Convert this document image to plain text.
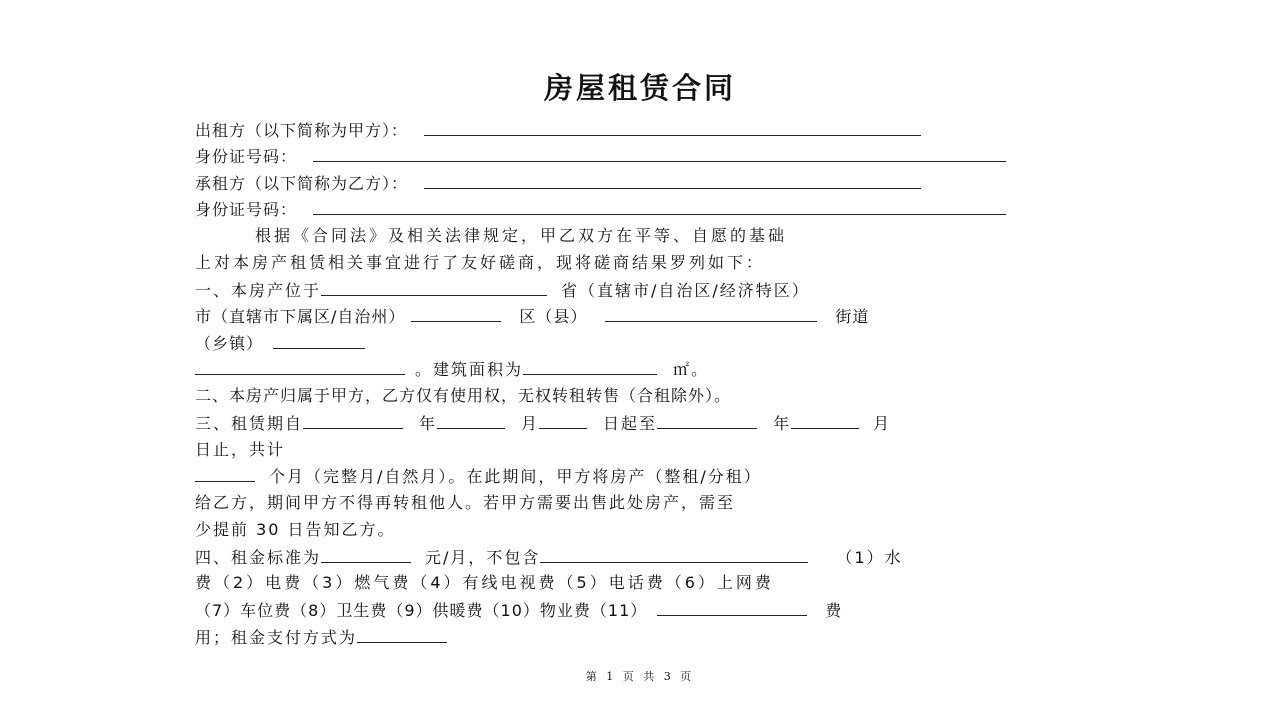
房屋租赁合同
出租方（以下简称为甲方）：
身份证号码：
承租方（以下简称为乙方）：
身份证号码：
根据《合同法》及相关法律规定，甲乙双方在平等、自愿的基础
上对本房产租赁相关事宜进行了友好磋商，现将磋商结果罗列如下：
一、本房产位于	省（直辖市/自治区/经济特区）
市（直辖市下属区/自治州）	区（县）	街道
（乡镇）
。建筑面积为	㎡。
二、本房产归属于甲方，乙方仅有使用权，无权转租转售（合租除外）。
三、租赁期自	年	月	日起至	年	月
日止，共计
个月（完整月/自然月）。在此期间，甲方将房产（整租/分租）
给乙方，期间甲方不得再转租他人。若甲方需要出售此处房产，需至
少提前 30 日告知乙方。
四、租金标准为	元/月，不包含	（1）水
费（2）电费（3）燃气费（4）有线电视费（5）电话费（6）上网费
（7）车位费（8）卫生费（9）供暖费（10）物业费（11）	费
用；租金支付方式为
第 1 页 共 3 页
